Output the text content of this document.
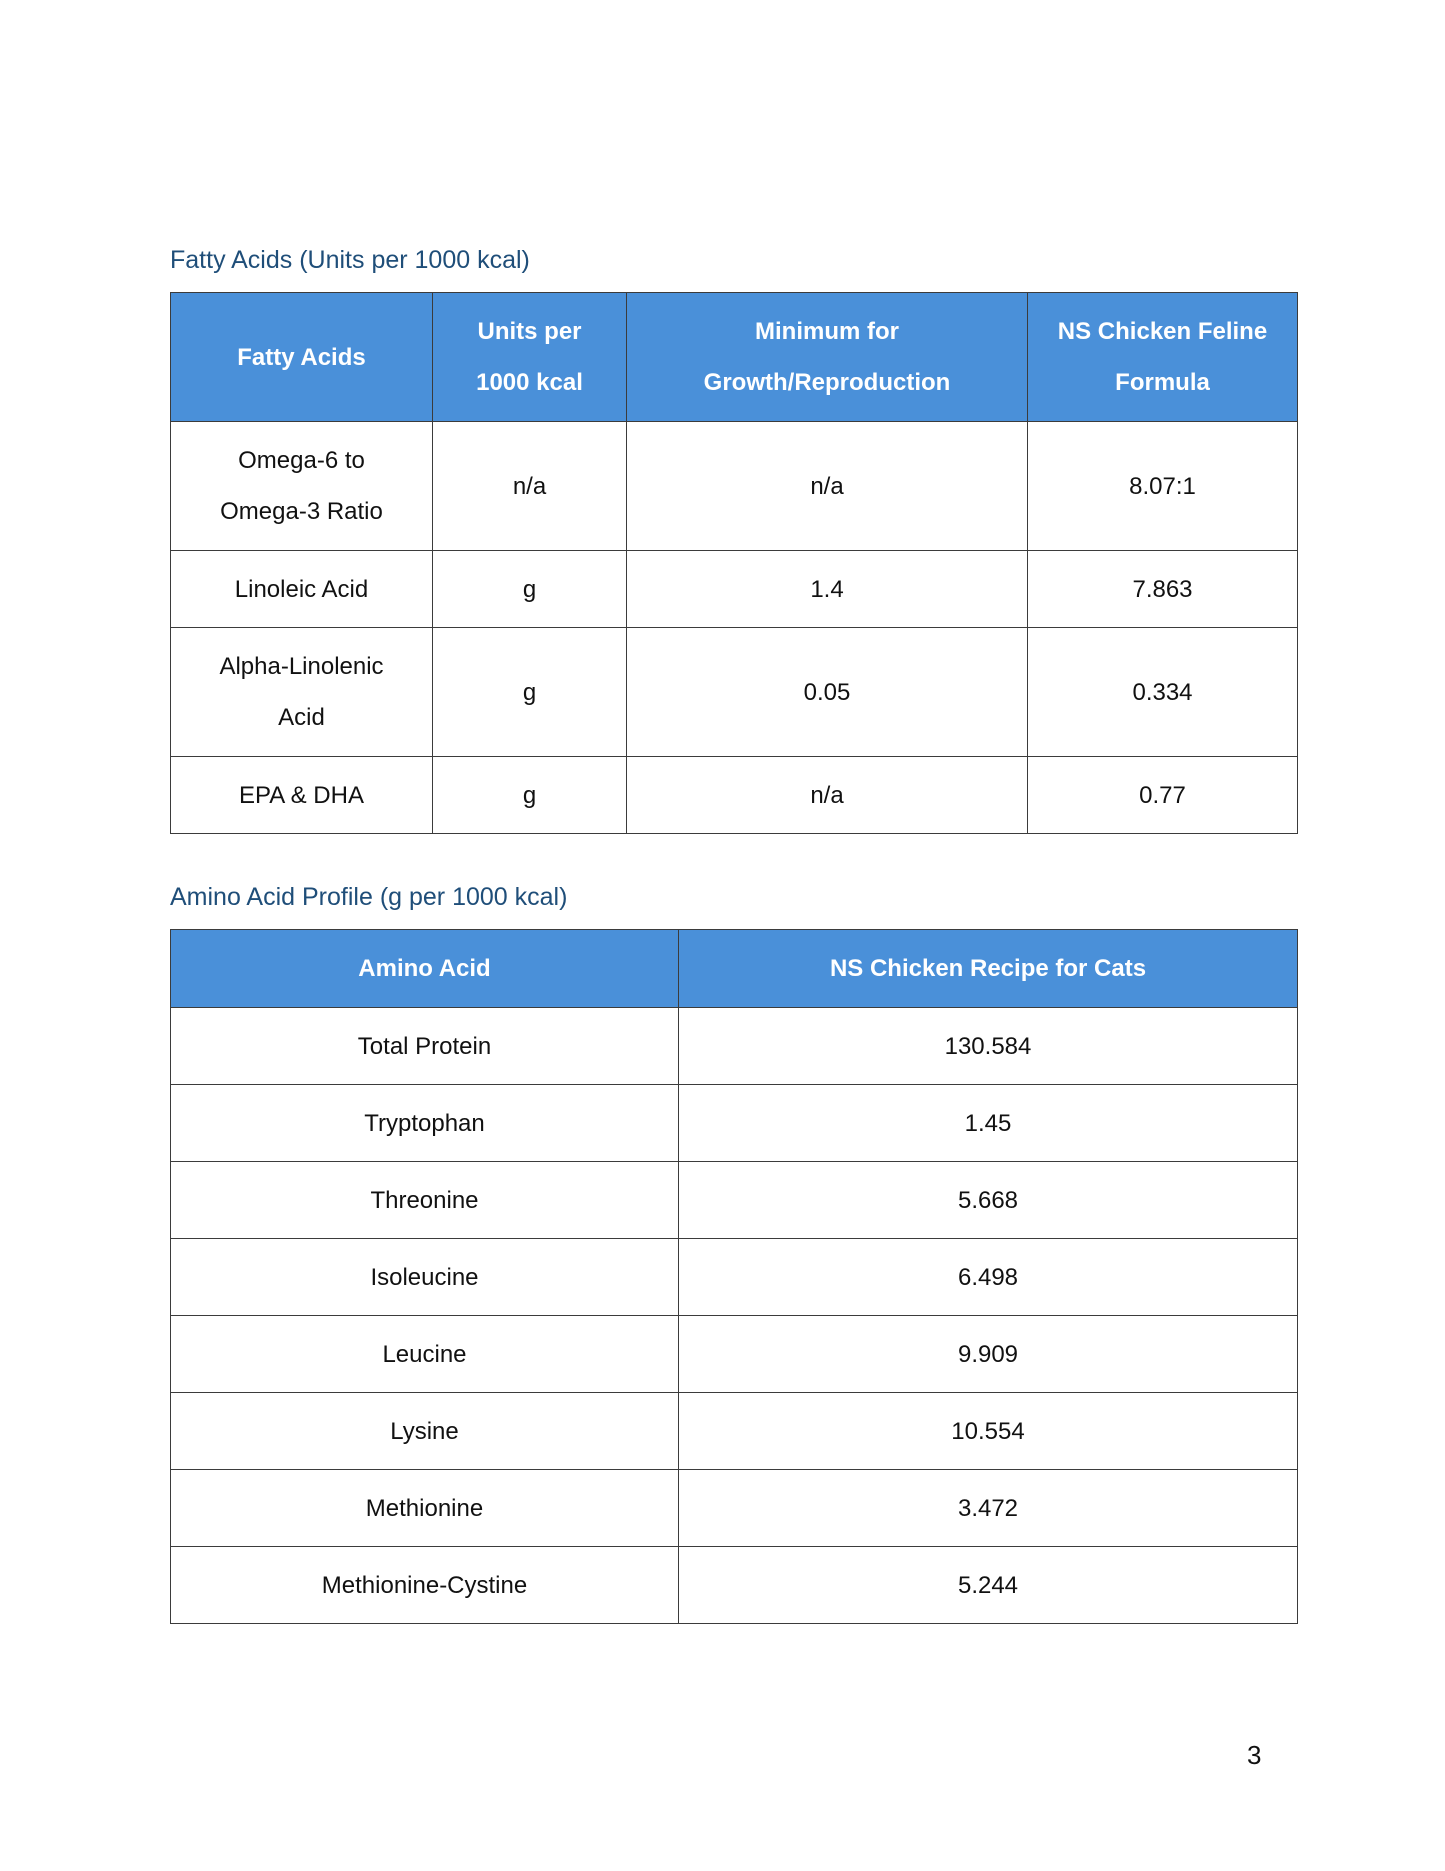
Fatty Acids (Units per 1000 kcal)
Fatty Acids	Units per 1000 kcal	Minimum for Growth/Reproduction	NS Chicken Feline Formula
Omega-6 to Omega-3 Ratio	n/a	n/a	8.07:1
Linoleic Acid	g	1.4	7.863
Alpha-Linolenic Acid	g	0.05	0.334
EPA & DHA	g	n/a	0.77
Amino Acid Profile (g per 1000 kcal)
Amino Acid	NS Chicken Recipe for Cats
Total Protein	130.584
Tryptophan	1.45
Threonine	5.668
Isoleucine	6.498
Leucine	9.909
Lysine	10.554
Methionine	3.472
Methionine-Cystine	5.244
3
